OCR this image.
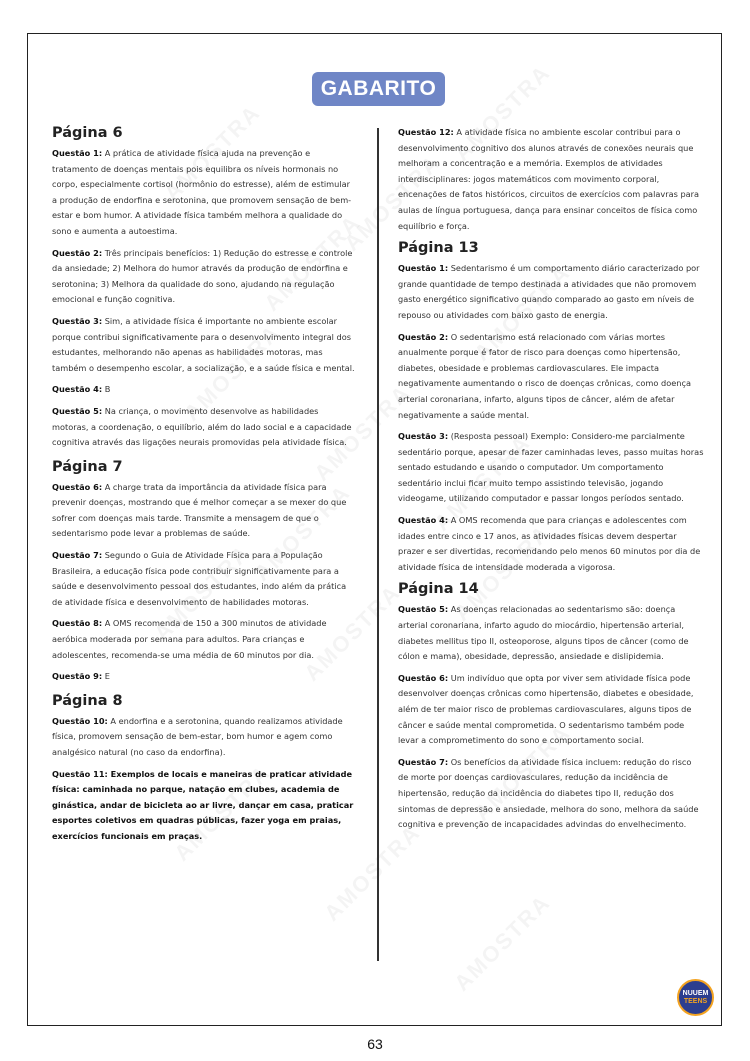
GABARITO
Página 6

Questão 1: A prática de atividade física ajuda na prevenção e tratamento de doenças mentais pois equilibra os níveis hormonais no corpo, especialmente cortisol (hormônio do estresse), além de estimular a produção de endorfina e serotonina, que promovem sensação de bem-estar e bom humor. A atividade física também melhora a qualidade do sono e aumenta a autoestima.

Questão 2: Três principais benefícios: 1) Redução do estresse e controle da ansiedade; 2) Melhora do humor através da produção de endorfina e serotonina; 3) Melhora da qualidade do sono, ajudando na regulação emocional e função cognitiva.

Questão 3: Sim, a atividade física é importante no ambiente escolar porque contribui significativamente para o desenvolvimento integral dos estudantes, melhorando não apenas as habilidades motoras, mas também o desempenho escolar, a socialização, e a saúde física e mental.

Questão 4: B

Questão 5: Na criança, o movimento desenvolve as habilidades motoras, a coordenação, o equilíbrio, além do lado social e a capacidade cognitiva através das ligações neurais promovidas pela atividade física.

Página 7

Questão 6: A charge trata da importância da atividade física para prevenir doenças, mostrando que é melhor começar a se mexer do que sofrer com doenças mais tarde. Transmite a mensagem de que o sedentarismo pode levar a problemas de saúde.

Questão 7: Segundo o Guia de Atividade Física para a População Brasileira, a educação física pode contribuir significativamente para a saúde e desenvolvimento pessoal dos estudantes, indo além da prática de atividade física e desenvolvimento de habilidades motoras.

Questão 8: A OMS recomenda de 150 a 300 minutos de atividade aeróbica moderada por semana para adultos. Para crianças e adolescentes, recomenda-se uma média de 60 minutos por dia.

Questão 9: E

Página 8

Questão 10: A endorfina e a serotonina, quando realizamos atividade física, promovem sensação de bem-estar, bom humor e agem como analgésico natural (no caso da endorfina).

Questão 11: Exemplos de locais e maneiras de praticar atividade física: caminhada no parque, natação em clubes, academia de ginástica, andar de bicicleta ao ar livre, dançar em casa, praticar esportes coletivos em quadras públicas, fazer yoga em praias, exercícios funcionais em praças.

Questão 12: A atividade física no ambiente escolar contribui para o desenvolvimento cognitivo dos alunos através de conexões neurais que melhoram a concentração e a memória. Exemplos de atividades interdisciplinares: jogos matemáticos com movimento corporal, encenações de fatos históricos, circuitos de exercícios com palavras para aulas de língua portuguesa, dança para ensinar conceitos de física como equilíbrio e força.

Página 13

Questão 1: Sedentarismo é um comportamento diário caracterizado por grande quantidade de tempo destinada a atividades que não promovem gasto energético significativo quando comparado ao gasto em níveis de repouso ou atividades com baixo gasto de energia.

Questão 2: O sedentarismo está relacionado com várias mortes anualmente porque é fator de risco para doenças como hipertensão, diabetes, obesidade e problemas cardiovasculares. Ele impacta negativamente aumentando o risco de doenças crônicas, como doença arterial coronariana, infarto, alguns tipos de câncer, além de afetar negativamente a saúde mental.

Questão 3: (Resposta pessoal) Exemplo: Considero-me parcialmente sedentário porque, apesar de fazer caminhadas leves, passo muitas horas sentado estudando e usando o computador. Um comportamento sedentário inclui ficar muito tempo assistindo televisão, jogando videogame, utilizando computador e passar longos períodos sentado.

Questão 4: A OMS recomenda que para crianças e adolescentes com idades entre cinco e 17 anos, as atividades físicas devem despertar prazer e ser divertidas, recomendando pelo menos 60 minutos por dia de atividade física de intensidade moderada a vigorosa.

Página 14

Questão 5: As doenças relacionadas ao sedentarismo são: doença arterial coronariana, infarto agudo do miocárdio, hipertensão arterial, diabetes mellitus tipo II, osteoporose, alguns tipos de câncer (como de cólon e mama), obesidade, depressão, ansiedade e dislipidemia.

Questão 6: Um indivíduo que opta por viver sem atividade física pode desenvolver doenças crônicas como hipertensão, diabetes e obesidade, além de ter maior risco de problemas cardiovasculares, alguns tipos de câncer e saúde mental comprometida. O sedentarismo também pode levar a comprometimento do sono e comportamento social.

Questão 7: Os benefícios da atividade física incluem: redução do risco de morte por doenças cardiovasculares, redução da incidência de hipertensão, redução da incidência do diabetes tipo II, redução dos sintomas de depressão e ansiedade, melhora do sono, melhora da saúde cognitiva e prevenção de incapacidades advindas do envelhecimento.

NUUEM
TEENS
63
